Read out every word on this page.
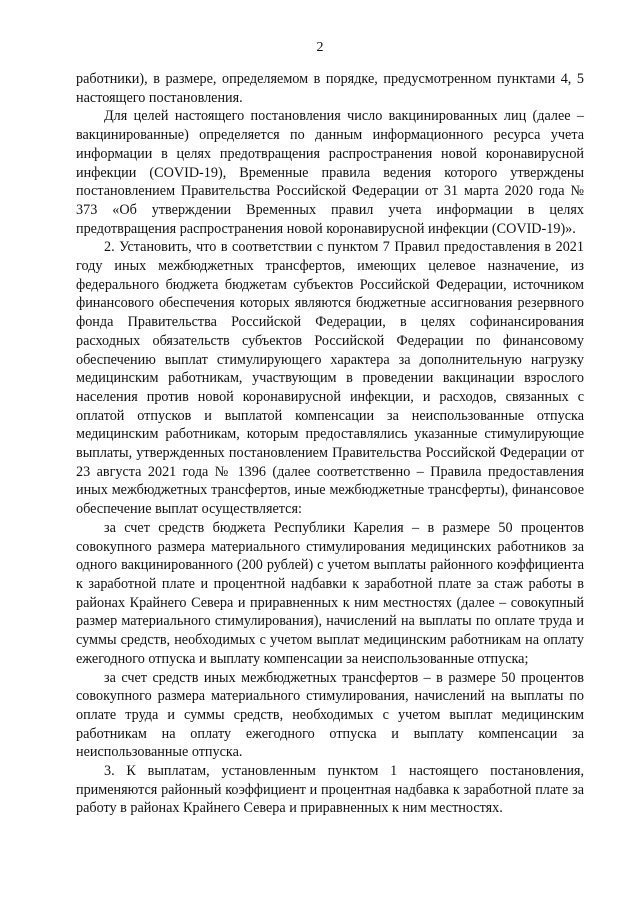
2

работники), в размере, определяемом в порядке, предусмотренном пунктами 4, 5 настоящего постановления.

Для целей настоящего постановления число вакцинированных лиц (далее – вакцинированные) определяется по данным информационного ресурса учета информации в целях предотвращения распространения новой коронавирусной инфекции (COVID-19), Временные правила ведения которого утверждены постановлением Правительства Российской Федерации от 31 марта 2020 года № 373 «Об утверждении Временных правил учета информации в целях предотвращения распространения новой коронавирусной инфекции (COVID-19)».

2. Установить, что в соответствии с пунктом 7 Правил предоставления в 2021 году иных межбюджетных трансфертов, имеющих целевое назначение, из федерального бюджета бюджетам субъектов Российской Федерации, источником финансового обеспечения которых являются бюджетные ассигнования резервного фонда Правительства Российской Федерации, в целях софинансирования расходных обязательств субъектов Российской Федерации по финансовому обеспечению выплат стимулирующего характера за дополнительную нагрузку медицинским работникам, участвующим в проведении вакцинации взрослого населения против новой коронавирусной инфекции, и расходов, связанных с оплатой отпусков и выплатой компенсации за неиспользованные отпуска медицинским работникам, которым предоставлялись указанные стимулирующие выплаты, утвержденных постановлением Правительства Российской Федерации от 23 августа 2021 года № 1396 (далее соответственно – Правила предоставления иных межбюджетных трансфертов, иные межбюджетные трансферты), финансовое обеспечение выплат осуществляется:

за счет средств бюджета Республики Карелия – в размере 50 процентов совокупного размера материального стимулирования медицинских работников за одного вакцинированного (200 рублей) с учетом выплаты районного коэффициента к заработной плате и процентной надбавки к заработной плате за стаж работы в районах Крайнего Севера и приравненных к ним местностях (далее – совокупный размер материального стимулирования), начислений на выплаты по оплате труда и суммы средств, необходимых с учетом выплат медицинским работникам на оплату ежегодного отпуска и выплату компенсации за неиспользованные отпуска;

за счет средств иных межбюджетных трансфертов – в размере 50 процентов совокупного размера материального стимулирования, начислений на выплаты по оплате труда и суммы средств, необходимых с учетом выплат медицинским работникам на оплату ежегодного отпуска и выплату компенсации за неиспользованные отпуска.

3. К выплатам, установленным пунктом 1 настоящего постановления, применяются районный коэффициент и процентная надбавка к заработной плате за работу в районах Крайнего Севера и приравненных к ним местностях.
